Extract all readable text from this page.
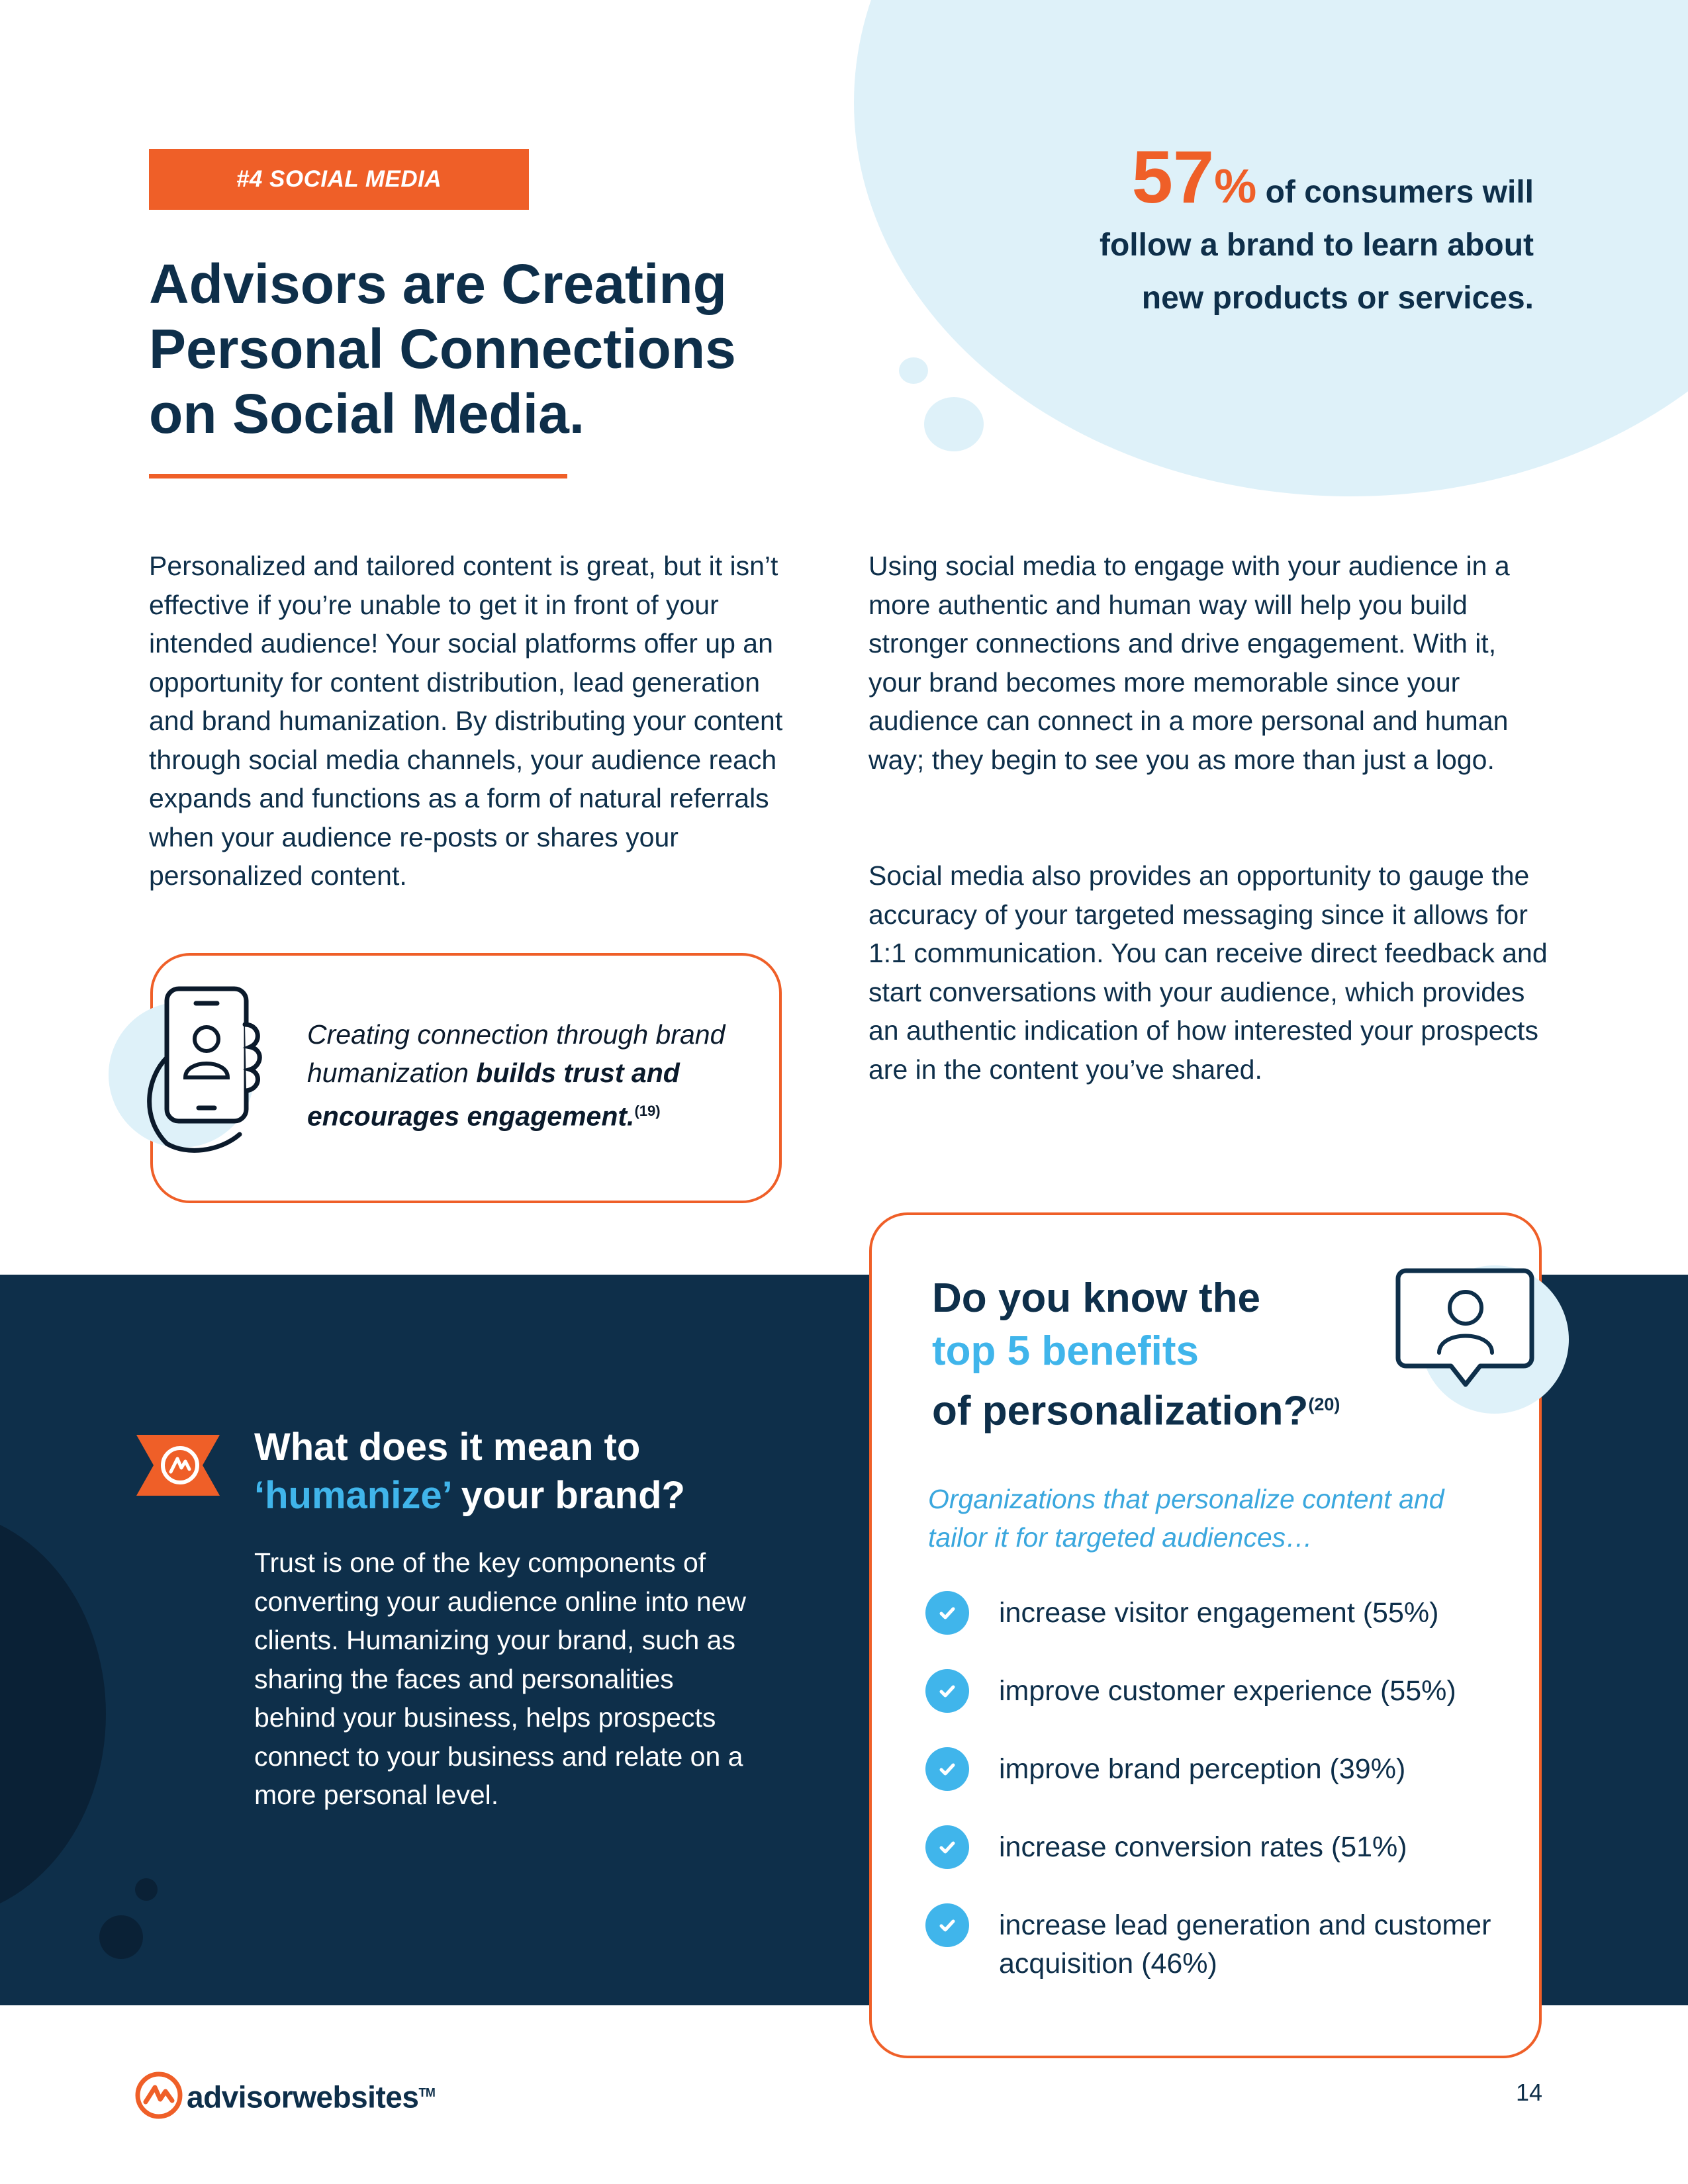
#4 SOCIAL MEDIA
Advisors are Creating
Personal Connections
on Social Media.
57% of consumers will
follow a brand to learn about
new products or services.

Personalized and tailored content is great, but it isn’t effective if you’re unable to get it in front of your intended audience! Your social platforms offer up an opportunity for content distribution, lead generation and brand humanization. By distributing your content through social media channels, your audience reach expands and functions as a form of natural referrals when your audience re-posts or shares your personalized content.

Using social media to engage with your audience in a more authentic and human way will help you build stronger connections and drive engagement. With it, your brand becomes more memorable since your audience can connect in a more personal and human way; they begin to see you as more than just a logo.

Social media also provides an opportunity to gauge the accuracy of your targeted messaging since it allows for 1:1 communication. You can receive direct feedback and start conversations with your audience, which provides an authentic indication of how interested your prospects are in the content you’ve shared.

Creating connection through brand humanization builds trust and encourages engagement.$^{(19)}$

What does it mean to
‘humanize’ your brand?

Trust is one of the key components of converting your audience online into new clients. Humanizing your brand, such as sharing the faces and personalities behind your business, helps prospects connect to your business and relate on a more personal level.

Do you know the
top 5 benefits
of personalization?$^{(20)}$

Organizations that personalize content and tailor it for targeted audiences…

increase visitor engagement (55%)
improve customer experience (55%)
improve brand perception (39%)
increase conversion rates (51%)
increase lead generation and customer acquisition (46%)
advisorwebsites™	14
